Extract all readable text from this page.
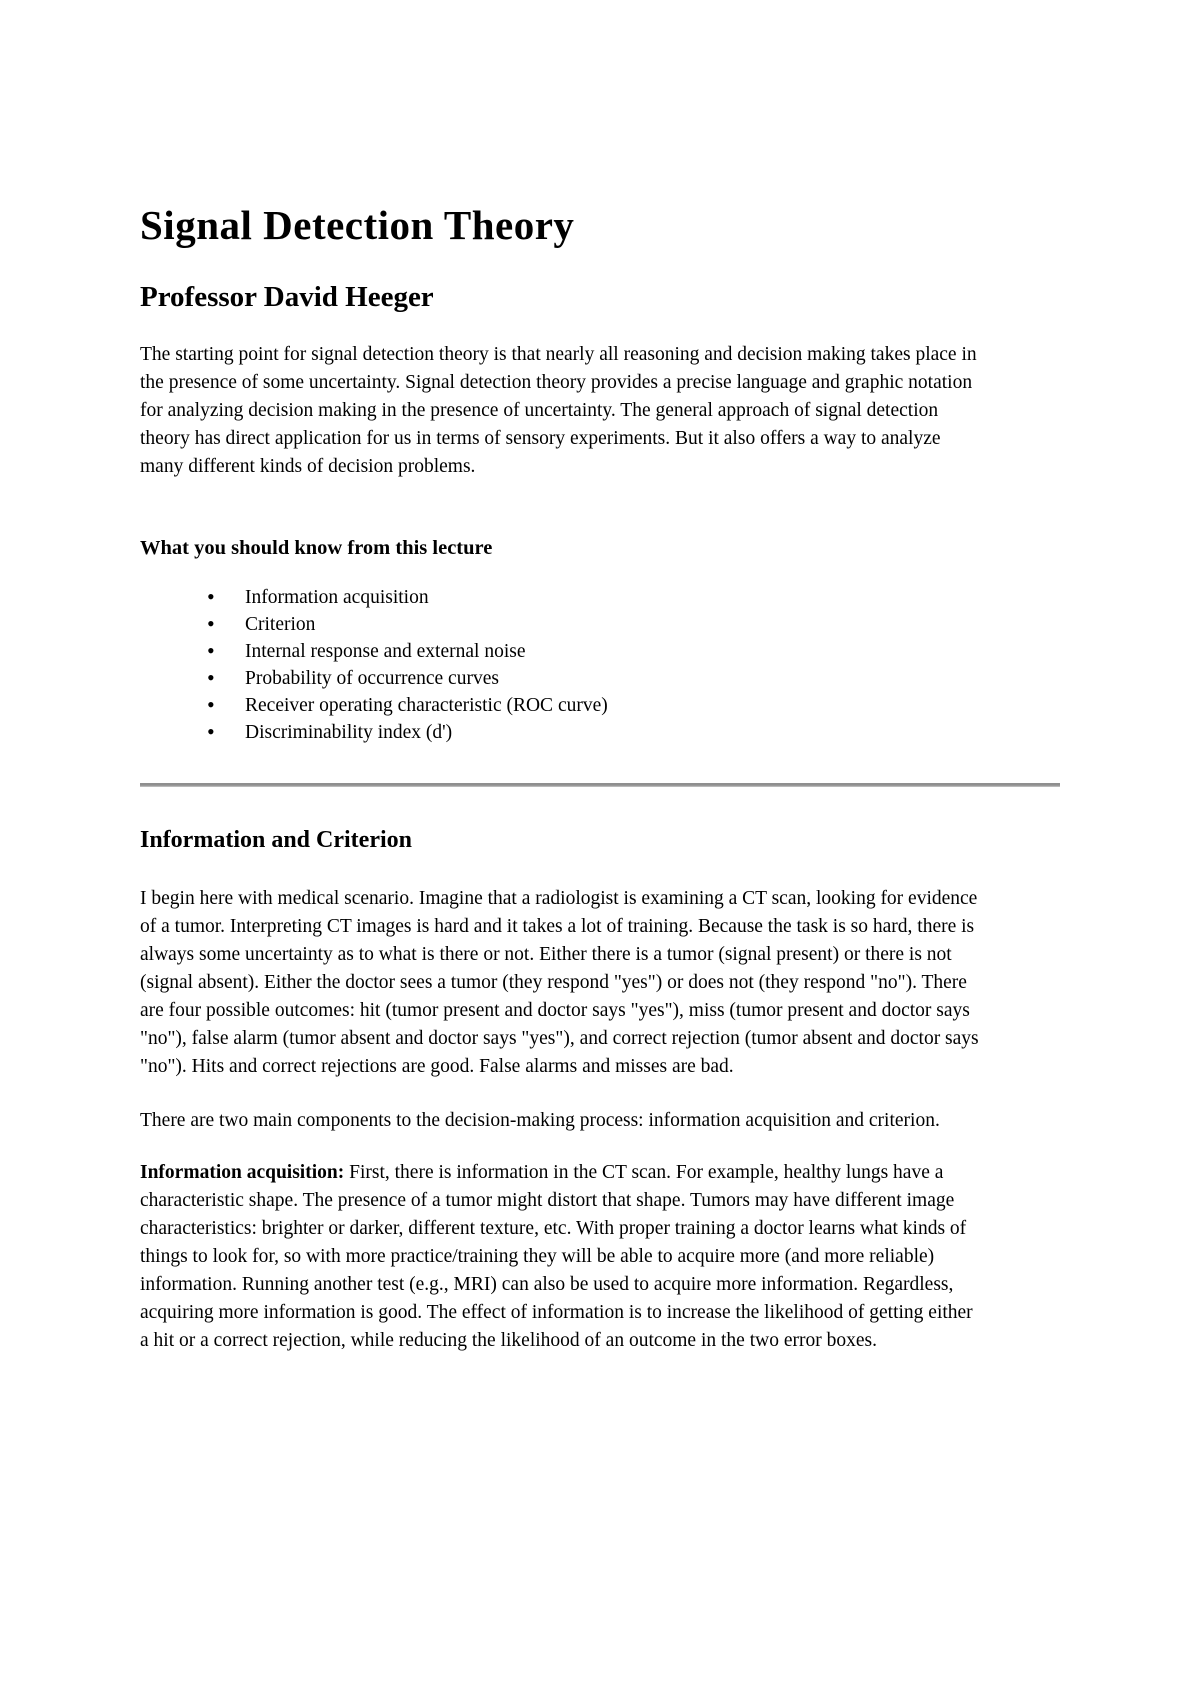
Signal Detection Theory
Professor David Heeger

The starting point for signal detection theory is that nearly all reasoning and decision making takes place in the presence of some uncertainty. Signal detection theory provides a precise language and graphic notation for analyzing decision making in the presence of uncertainty. The general approach of signal detection theory has direct application for us in terms of sensory experiments. But it also offers a way to analyze many different kinds of decision problems.

What you should know from this lecture
• Information acquisition
• Criterion
• Internal response and external noise
• Probability of occurrence curves
• Receiver operating characteristic (ROC curve)
• Discriminability index (d')
Information and Criterion

I begin here with medical scenario. Imagine that a radiologist is examining a CT scan, looking for evidence of a tumor. Interpreting CT images is hard and it takes a lot of training. Because the task is so hard, there is always some uncertainty as to what is there or not. Either there is a tumor (signal present) or there is not (signal absent). Either the doctor sees a tumor (they respond "yes") or does not (they respond "no"). There are four possible outcomes: hit (tumor present and doctor says "yes"), miss (tumor present and doctor says "no"), false alarm (tumor absent and doctor says "yes"), and correct rejection (tumor absent and doctor says "no"). Hits and correct rejections are good. False alarms and misses are bad.

There are two main components to the decision-making process: information acquisition and criterion.

Information acquisition: First, there is information in the CT scan. For example, healthy lungs have a characteristic shape. The presence of a tumor might distort that shape. Tumors may have different image characteristics: brighter or darker, different texture, etc. With proper training a doctor learns what kinds of things to look for, so with more practice/training they will be able to acquire more (and more reliable) information. Running another test (e.g., MRI) can also be used to acquire more information. Regardless, acquiring more information is good. The effect of information is to increase the likelihood of getting either a hit or a correct rejection, while reducing the likelihood of an outcome in the two error boxes.
